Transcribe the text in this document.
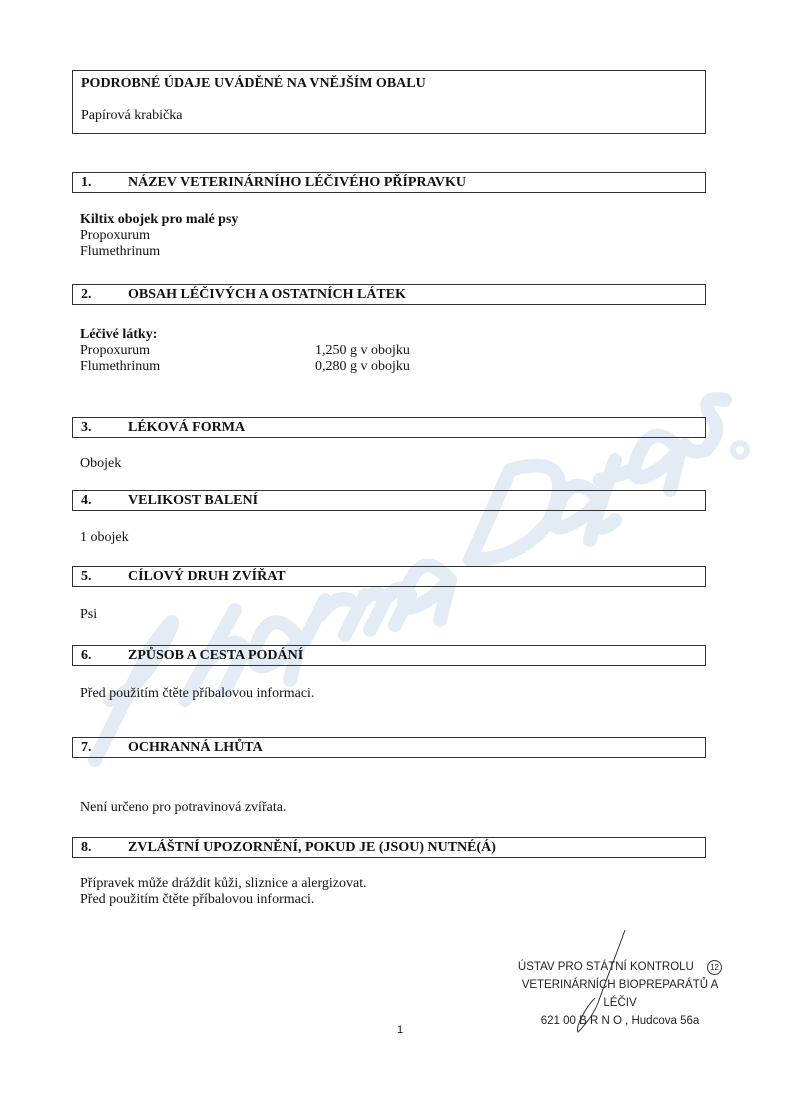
PODROBNÉ ÚDAJE UVÁDĚNÉ NA VNĚJŠÍM OBALU
Papírová krabička
1.	NÁZEV VETERINÁRNÍHO LÉČIVÉHO PŘÍPRAVKU
Kiltix obojek pro malé psy
Propoxurum
Flumethrinum
2.	OBSAH LÉČIVÝCH A OSTATNÍCH LÁTEK
Léčivé látky:
Propoxurum	1,250 g v obojku
Flumethrinum	0,280 g v obojku
3.	LÉKOVÁ FORMA
Obojek
4.	VELIKOST BALENÍ
1 obojek
5.	CÍLOVÝ DRUH ZVÍŘAT
Psi
6.	ZPŮSOB A CESTA PODÁNÍ
Před použitím čtěte příbalovou informaci.
7.	OCHRANNÁ LHŮTA
Není určeno pro potravinová zvířata.
8.	ZVLÁŠTNÍ UPOZORNĚNÍ, POKUD JE (JSOU) NUTNÉ(Á)
Přípravek může dráždit kůži, sliznice a alergizovat.
Před použitím čtěte příbalovou informaci.
ÚSTAV PRO STÁTNÍ KONTROLU 12
VETERINÁRNÍCH BIOPREPARÁTŮ A LÉČIV
621 00 B R N O , Hudcova 56a
1
